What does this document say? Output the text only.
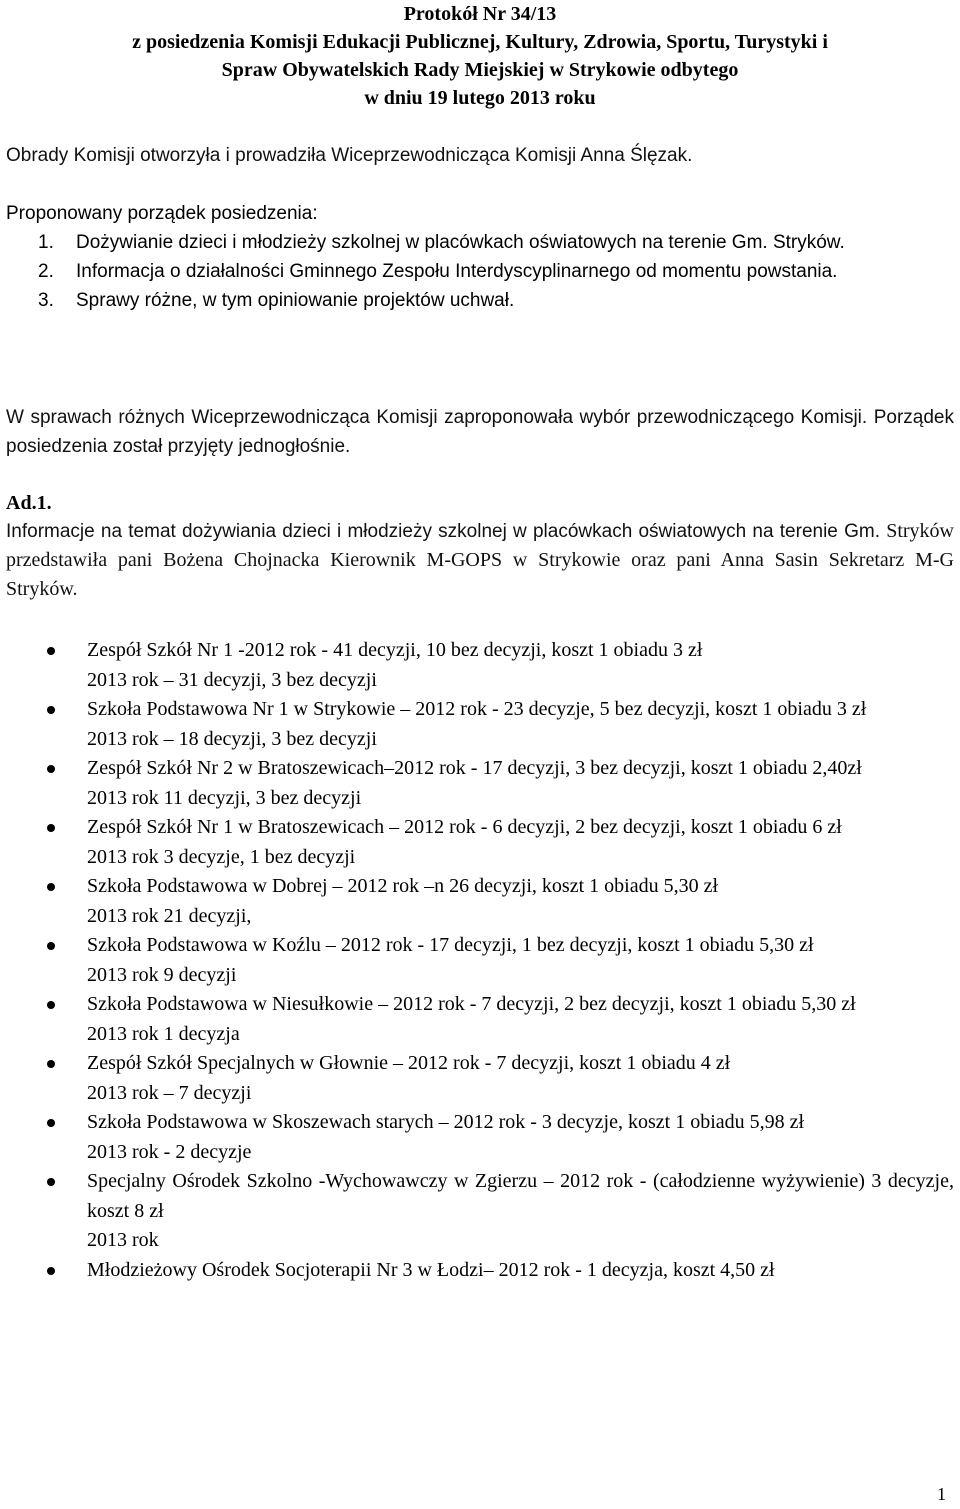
Protokół Nr 34/13
z posiedzenia Komisji Edukacji Publicznej, Kultury, Zdrowia, Sportu, Turystyki i
Spraw Obywatelskich Rady Miejskiej w Strykowie odbytego
w dniu 19 lutego 2013 roku
Obrady Komisji otworzyła i prowadziła Wiceprzewodnicząca Komisji Anna Ślęzak.
Proponowany porządek posiedzenia:
1.	Dożywianie dzieci i młodzieży szkolnej w placówkach oświatowych na terenie Gm. Stryków.
2.	Informacja o działalności Gminnego Zespołu Interdyscyplinarnego od momentu powstania.
3.	Sprawy różne, w tym opiniowanie projektów uchwał.
W sprawach różnych Wiceprzewodnicząca Komisji zaproponowała wybór przewodniczącego Komisji. Porządek posiedzenia został przyjęty jednogłośnie.
Ad.1.
Informacje na temat dożywiania dzieci i młodzieży szkolnej w placówkach oświatowych na terenie Gm. Stryków przedstawiła pani Bożena Chojnacka Kierownik M-GOPS w Strykowie oraz pani Anna Sasin Sekretarz M-G Stryków.
Zespół Szkół Nr 1 -2012 rok - 41 decyzji, 10 bez decyzji, koszt 1 obiadu 3 zł
2013 rok – 31 decyzji, 3 bez decyzji
Szkoła Podstawowa Nr 1 w Strykowie – 2012 rok - 23 decyzje, 5 bez decyzji, koszt 1 obiadu 3 zł
2013 rok – 18 decyzji, 3 bez decyzji
Zespół Szkół Nr 2 w Bratoszewicach–2012 rok - 17 decyzji, 3 bez decyzji, koszt 1 obiadu 2,40zł
2013 rok 11 decyzji, 3 bez decyzji
Zespół Szkół Nr 1 w Bratoszewicach – 2012 rok - 6 decyzji, 2 bez decyzji, koszt 1 obiadu 6 zł
2013 rok 3 decyzje, 1 bez decyzji
Szkoła Podstawowa w Dobrej – 2012 rok –n 26 decyzji, koszt 1 obiadu 5,30 zł
2013 rok 21 decyzji,
Szkoła Podstawowa w Koźlu – 2012 rok - 17 decyzji, 1 bez decyzji, koszt 1 obiadu 5,30 zł
2013 rok 9 decyzji
Szkoła Podstawowa w Niesułkowie – 2012 rok - 7 decyzji, 2 bez decyzji, koszt 1 obiadu 5,30 zł
2013 rok 1 decyzja
Zespół Szkół Specjalnych w Głownie – 2012 rok - 7 decyzji, koszt 1 obiadu 4 zł
2013 rok – 7 decyzji
Szkoła Podstawowa w Skoszewach starych – 2012 rok - 3 decyzje, koszt 1 obiadu 5,98 zł
2013 rok - 2 decyzje
Specjalny Ośrodek Szkolno -Wychowawczy w Zgierzu – 2012 rok - (całodzienne wyżywienie) 3 decyzje, koszt 8 zł
2013 rok
Młodzieżowy Ośrodek Socjoterapii Nr 3 w Łodzi– 2012 rok - 1 decyzja, koszt 4,50 zł
1
